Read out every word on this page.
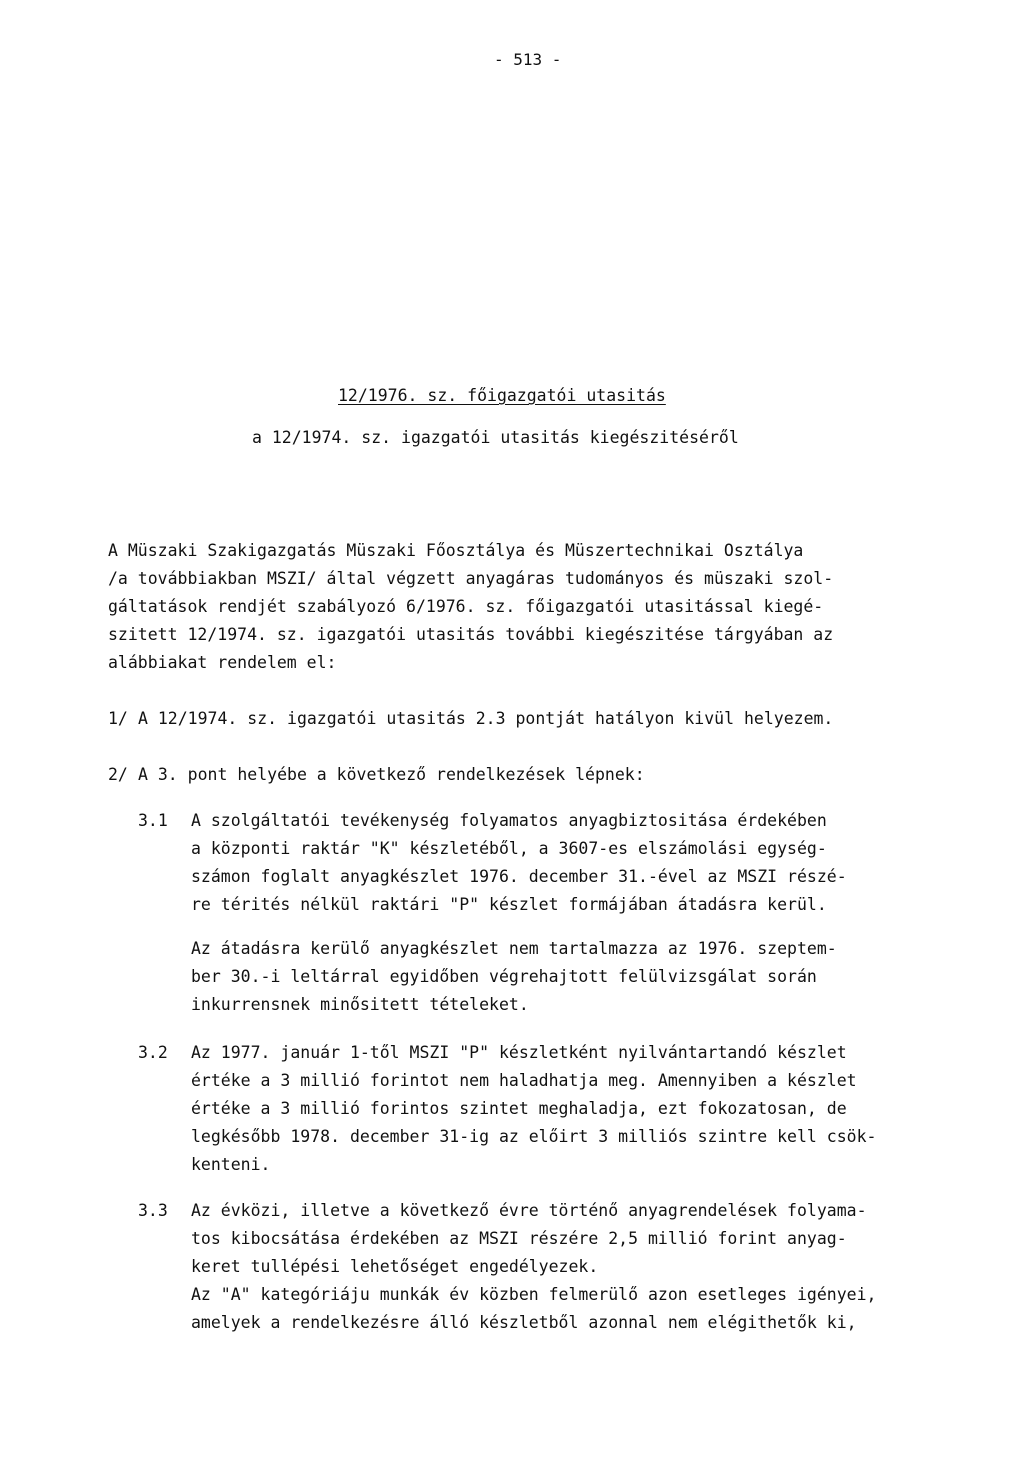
- 513 -
12/1976. sz. főigazgatói utasitás
a 12/1974. sz. igazgatói utasitás kiegészitéséről
A Müszaki Szakigazgatás Müszaki Főosztálya és Müszertechnikai Osztálya
/a továbbiakban MSZI/ által végzett anyagáras tudományos és müszaki szol-
gáltatások rendjét szabályozó 6/1976. sz. főigazgatói utasitással kiegé-
szitett 12/1974. sz. igazgatói utasitás további kiegészitése tárgyában az
alábbiakat rendelem el:
1/ A 12/1974. sz. igazgatói utasitás 2.3 pontját hatályon kivül helyezem.
2/ A 3. pont helyébe a következő rendelkezések lépnek:
3.1 A szolgáltatói tevékenység folyamatos anyagbiztositása érdekében
a központi raktár "K" készletéből, a 3607-es elszámolási egység-
számon foglalt anyagkészlet 1976. december 31.-ével az MSZI részé-
re térités nélkül raktári "P" készlet formájában átadásra kerül.
Az átadásra kerülő anyagkészlet nem tartalmazza az 1976. szeptem-
ber 30.-i leltárral egyidőben végrehajtott felülvizsgálat során
inkurrensnek minősitett tételeket.
3.2 Az 1977. január 1-től MSZI "P" készletként nyilvántartandó készlet
értéke a 3 millió forintot nem haladhatja meg. Amennyiben a készlet
értéke a 3 millió forintos szintet meghaladja, ezt fokozatosan, de
legkésőbb 1978. december 31-ig az előirt 3 milliós szintre kell csök-
kenteni.
3.3 Az évközi, illetve a következő évre történő anyagrendelések folyama-
tos kibocsátása érdekében az MSZI részére 2,5 millió forint anyag-
keret tullépési lehetőséget engedélyezek.
Az "A" kategóriáju munkák év közben felmerülő azon esetleges igényei,
amelyek a rendelkezésre álló készletből azonnal nem elégithetők ki,
